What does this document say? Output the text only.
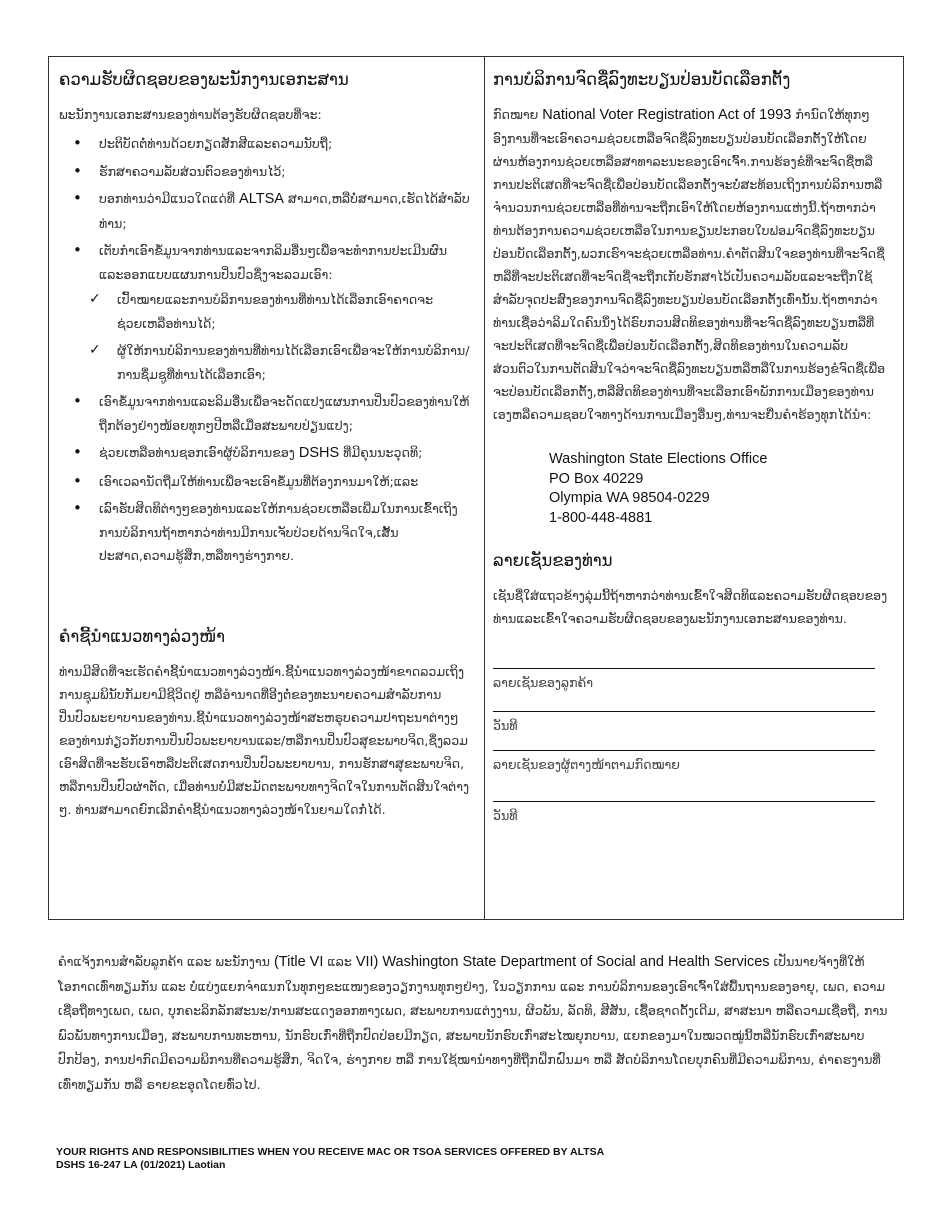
ຄວາມຮັບຜິດຊອບຂອງພະນັກງານເອກະສານ

ພະນັກງານເອກະສານຂອງທ່ານຕ້ອງຮັບຜິດຊອບທີ່ຈະ:

• ປະຕິບັດຕໍ່ທ່ານດ້ວຍກຽດສັກສີແລະຄວາມນັບຖື;
• ຮັກສາຄວາມລັບສ່ວນຕົວຂອງທ່ານໄວ້;
• ບອກທ່ານວ່າມີແນວໃດແດ່ທີ່ ALTSA ສາມາດ,ຫລືບໍ່ສາມາດ,ເຮັດໄດ້ສຳລັບທ່ານ;
• ເຕັບກຳເອົາຂໍ້ມູນຈາກທ່ານແລະຈາກລິມອື່ນໆເພື່ອຈະທຳການປະເມີນຜົນແລະອອກແບບແຜນການປິ່ນປົວຊຶ່ງຈະລວມເອົາ:
✓ ເປົ້າໝາຍແລະການບໍລິການຂອງທ່ານທີ່ທ່ານໄດ້ເລືອກເອົາຄາດຈະຊ່ວຍເຫລືອທ່ານໄດ້;
✓ ຜູ້ໃຫ້ການບໍລິການຂອງທ່ານທີ່ທ່ານໄດ້ເລືອກເອົາເພື່ອຈະໃຫ້ການບໍລິການ/ການຊ່ຶມຊູທີ່ທ່ານໄດ້ເລືອກເອົາ;
• ເອົາຂໍ້ມູນຈາກທ່ານແລະລິມອື່ນເພື່ອຈະດັດແປງແຜນການປິ່ນປົວຂອງທ່ານໃຫ້ຖືກຕ້ອງຢ່າງໜ້ອຍທຸກໆປີຫລືເມື່ອສະພາບປ່ຽນແປງ;
• ຊ່ວຍເຫລືອທ່ານຊອກເອົາຜູ້ບໍລິການຂອງ DSHS ທີ່ມີຄຸນນະວຸດທິ;
• ເອົາເວລານັດຖືມໃຫ້ທ່ານເພື່ອຈະເອົາຂໍ້ມູນທີ່ຕ້ອງການມາໃຫ້;ແລະ
• ເລົາຮັບສິດທິຕ່າງໆຂອງທ່ານແລະໃຫ້ການຊ່ວຍເຫລືອເພີ່ມໃນການເຂົ້າເຖິງການບໍລິການຖ້າຫາກວ່າທ່ານມີການເຈັບປ່ວຍດ້ານຈິດໃຈ,ເສັ້ນປະສາດ,ຄວາມຮູ້ສຶກ,ຫລືທາງຮ່າງກາຍ.
ຄຳຊີ້ນຳແນວທາງລ່ວງໜ້າ

ທ່ານມີສິດທີ່ຈະເຮັດຄຳຊີ້ນຳແນວທາງລ່ວງໜ້າ.ຊີ້ນຳແນວທາງລ່ວງໜ້າຂາດລວມເຖິງການຊຸມພິນັບກັມຍາມີຊີວິດຢູ່ ຫລືອຳນາດທີ່ອີງຕໍ່ຂອງທະນາຍຄວາມສຳລັບການປິ່ນປົວພະຍາບານຂອງທ່ານ.ຊີ້ນຳແນວທາງລ່ວງໜ້າສະຫຣຸບຄວາມປາຖະນາຕ່າງໆຂອງທ່ານກ່ຽວກັບການປິ່ນປົວພະຍາບານແລະ/ຫລືການປິ່ນປົວສຸຂະພາບຈິດ,ຊຶ່ງລວມເອົາສິດທີ່ຈະຮັບເອົາຫລືປະຕິເສດການປິ່ນປົວພະຍາບານ, ການຮັກສາສຸຂະພາບຈິດ, ຫລືການປິ່ນປົວຜ່າຕັດ, ເມື່ອທ່ານບໍ່ມີສະມັດຕະພາບທາງຈິດໃຈໃນການຕັດສິນໃຈຕ່າງໆ. ທ່ານສາມາດຍົກເລີກຄຳຊີ້ນຳແນວທາງລ່ວງໜ້າໃນຍາມໃດກໍ່ໄດ້.

ການບໍລິການຈົດຊື່ລົງທະບຽນປ່ອນບັດເລືອກຕັ້ງ

ກົດໝາຍ National Voter Registration Act of 1993 ກຳນົດໃຫ້ທຸກໆອົງການທີ່ຈະເອົາຄວາມຊ່ວຍເຫລືອຈົດຊື່ລົງທະບຽນປ່ອນບັດເລືອກຕັ້ງໃຫ້ໂດຍຜ່ານຫ້ອງການຊ່ວຍເຫລືອສາທາລະນະຂອງເອົາເຈົ້າ.ການຮ້ອງຂໍທີ່ຈະຈົດຊື່ຫລືການປະຕິເສດທີ່ຈະຈົດຊື່ເພື່ອປ່ອນບັດເລືອກຕັ້ງຈະບໍ່ສະທ້ອນເຖິງການບໍລິການຫລືຈຳນວນການຊ່ວຍເຫລືອທີ່ທ່ານຈະຖືກເອົາໃຫ້ໂດຍຫ້ອງການແຫ່ງນີ້.ຖ້າຫາກວ່າທ່ານຕ້ອງການຄວາມຊ່ວຍເຫລືອໃນການຂຽນປະກອບໃບຟອມຈົດຊື່ລົງທະບຽນປ່ອນບັດເລືອກຕັ້ງ,ພວກເຮົາຈະຊ່ວຍເຫລືອທ່ານ.ຄຳຕັດສິນໃຈຂອງທ່ານທີ່ຈະຈົດຊື່ຫລືທີ່ຈະປະຕິເສດທີ່ຈະຈົດຊື່ຈະຖືກເກັບຮັກສາໄວ້ເປັນຄວາມລັບແລະຈະຖືກໃຊ້ສຳລັບຈຸດປະສົງຂອງການຈົດຊື່ລົງທະບຽນປ່ອນບັດເລືອກຕັ້ງເທົ່ານັ້ນ.ຖ້າຫາກວ່າທ່ານເຊື່ອວ່າລິມໃດຄົນນຶ່ງໄດ້ຣົບກວນສິດທິຂອງທ່ານທີ່ຈະຈົດຊື່ລົງທະບຽນຫລືທີ່ຈະປະຕິເສດທີ່ຈະຈົດຊື່ເພື່ອປ່ອນບັດເລືອກຕັ້ງ,ສິດທິຂອງທ່ານໃນຄວາມລັບສ່ວນຕົວໃນການຕັດສິນໃຈວ່າຈະຈົດຊື່ລົງທະບຽນຫລືຫລືໃນການຮ້ອງຂໍຈົດຊື່ເພື່ອຈະປ່ອນບັດເລືອກຕັ້ງ,ຫລືສິດທິຂອງທ່ານທີ່ຈະເລືອກເອົາພັກການເມືອງຂອງທ່ານເອງຫລືຄວາມຊອບໃຈທາງດ້ານການເມືອງອື່ນໆ,ທ່ານຈະຍື່ນຄຳຮ້ອງທຸກໄດ້ນຳ:

Washington State Elections Office
PO Box 40229
Olympia WA 98504-0229
1-800-448-4881
ລາຍເຊັນຂອງທ່ານ

ເຊັນຊື່ໃສ່ແຖວຂ້າງລຸ່ມນີ້ຖ້າຫາກວ່າທ່ານເຂົ້າໃຈສິດທິແລະຄວາມຮັບຜິດຊອບຂອງທ່ານແລະເຂົ້າໃຈຄວາມຮັບຜິດຊອບຂອງພະນັກງານເອກະສານຂອງທ່ານ.

ລາຍເຊັນຂອງລູກຄ້າ
ວັນທີ
ລາຍເຊັນຂອງຜູ້ຕາງໜ້າຕາມກົດໝາຍ
ວັນທີ

ຄຳແຈ້ງການສຳລັບລູກຄ້າ ແລະ ພະນັກງານ (Title VI ແລະ VII) Washington State Department of Social and Health Services ເປັນນາຍຈ້າງທີ່ໃຫ້ໂອກາດເທົ່າທຽມກັນ ແລະ ບໍ່ແບ່ງແຍກຈຳແນກໃນທຸກໆຂະແໜງຂອງວຽກງານທຸກໆຢ່າງ, ໃນວຽກການ ແລະ ການບໍລິການຂອງເອົາເຈົ້າໃສ່ພື້ນຖານຂອງອາຍຸ, ເພດ, ຄວາມເຊື່ອຖືທາງເພດ, ເພດ, ບຸກຄະລິກລັກສະນະ/ການສະແດງອອກທາງເພດ, ສະພາບການແຕ່ງງານ, ຜິວພັນ, ລັດທິ, ສີສັນ, ເຊື້ອຊາດດັ້ງເດີມ, ສາສະນາ ຫລືຄວາມເຊື່ອຖື, ການພົວພັນທາງການເມືອງ, ສະພາບການທະຫານ, ນັກຮົບເກົ່າທີ່ຖືກປົດປ່ອຍມີກຽດ, ສະພາບນັກຮົບເກົ່າສະໄໝຍຸກບານ, ແຍກຂອງມາໃນໝວດໝູ່ນີ້ຫລືນັກຮົບເກົ່າສະພາບປົກປ້ອງ, ການປາກົດມີຄວາມພິການທີ່ຄວາມຮູ້ສຶກ, ຈິດໃຈ, ຮ່າງກາຍ ຫລື ການໃຊ້ໝານຳທາງທີ່ຖືກຝຶກຝົນມາ ຫລື ສັດບໍລິການໂດຍບຸກຄົນທີ່ມີຄວາມພິການ, ຄ່າຄຮງານທີ່ເທົ່າທຽມກັນ ຫລື ຣາຍຂະອຸດໂດຍທົ່ວໄປ.

YOUR RIGHTS AND RESPONSIBILITIES WHEN YOU RECEIVE MAC OR TSOA SERVICES OFFERED BY ALTSA
DSHS 16-247 LA (01/2021) Laotian
